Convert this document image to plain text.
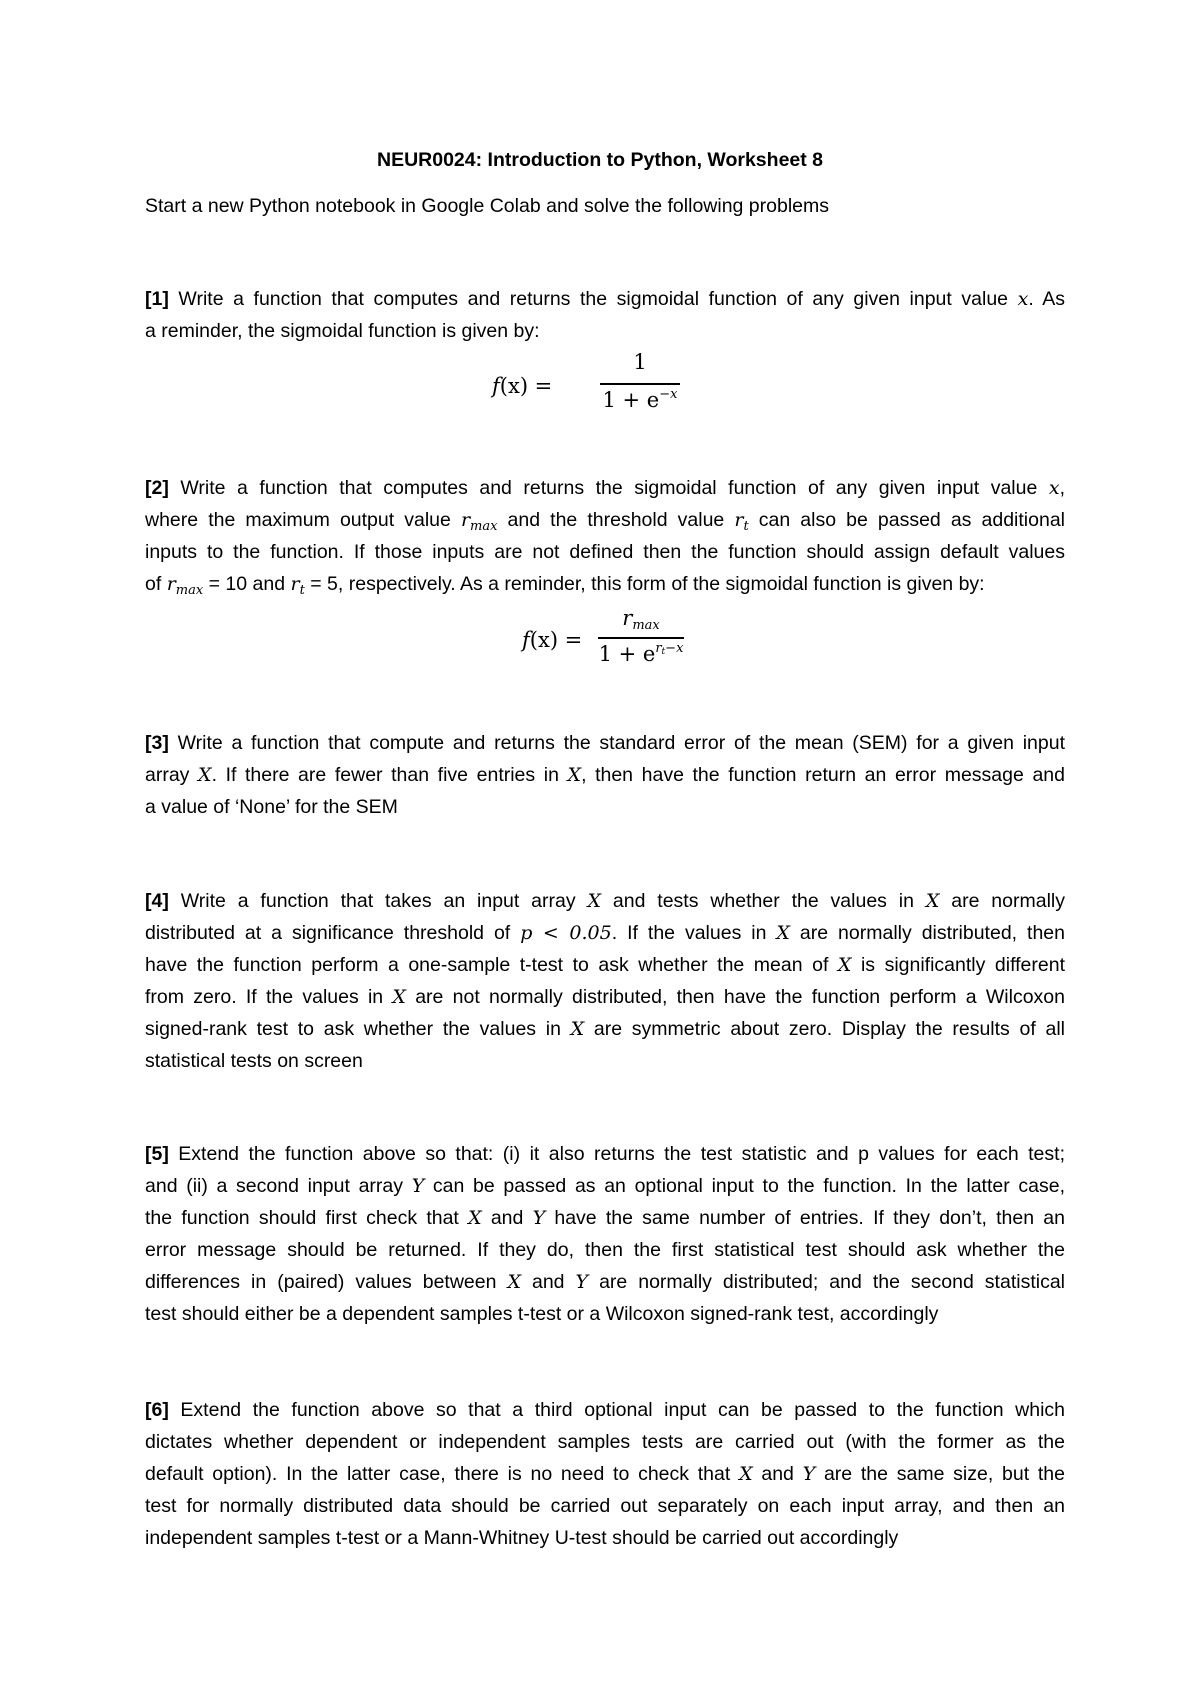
NEUR0024: Introduction to Python, Worksheet 8
Start a new Python notebook in Google Colab and solve the following problems
[1] Write a function that computes and returns the sigmoidal function of any given input value x. As
a reminder, the sigmoidal function is given by:
f(x) =
1
$1 + e^{-x}$
[2] Write a function that computes and returns the sigmoidal function of any given input value x,
where the maximum output value $r_{max}$ and the threshold value $r_t$ can also be passed as additional
inputs to the function. If those inputs are not defined then the function should assign default values
of $r_{max} = 10$ and $r_t = 5$, respectively. As a reminder, this form of the sigmoidal function is given by:
f(x) =
rmax
$1 + e^{rt-x}$
[3] Write a function that compute and returns the standard error of the mean (SEM) for a given input
array X. If there are fewer than five entries in X, then have the function return an error message and
a value of ‘None’ for the SEM
[4] Write a function that takes an input array X and tests whether the values in X are normally
distributed at a significance threshold of p < 0.05. If the values in X are normally distributed, then
have the function perform a one-sample t-test to ask whether the mean of X is significantly different
from zero. If the values in X are not normally distributed, then have the function perform a Wilcoxon
signed-rank test to ask whether the values in X are symmetric about zero. Display the results of all
statistical tests on screen
[5] Extend the function above so that: (i) it also returns the test statistic and p values for each test;
and (ii) a second input array Y can be passed as an optional input to the function. In the latter case,
the function should first check that X and Y have the same number of entries. If they don’t, then an
error message should be returned. If they do, then the first statistical test should ask whether the
differences in (paired) values between X and Y are normally distributed; and the second statistical
test should either be a dependent samples t-test or a Wilcoxon signed-rank test, accordingly
[6] Extend the function above so that a third optional input can be passed to the function which
dictates whether dependent or independent samples tests are carried out (with the former as the
default option). In the latter case, there is no need to check that X and Y are the same size, but the
test for normally distributed data should be carried out separately on each input array, and then an
independent samples t-test or a Mann-Whitney U-test should be carried out accordingly
